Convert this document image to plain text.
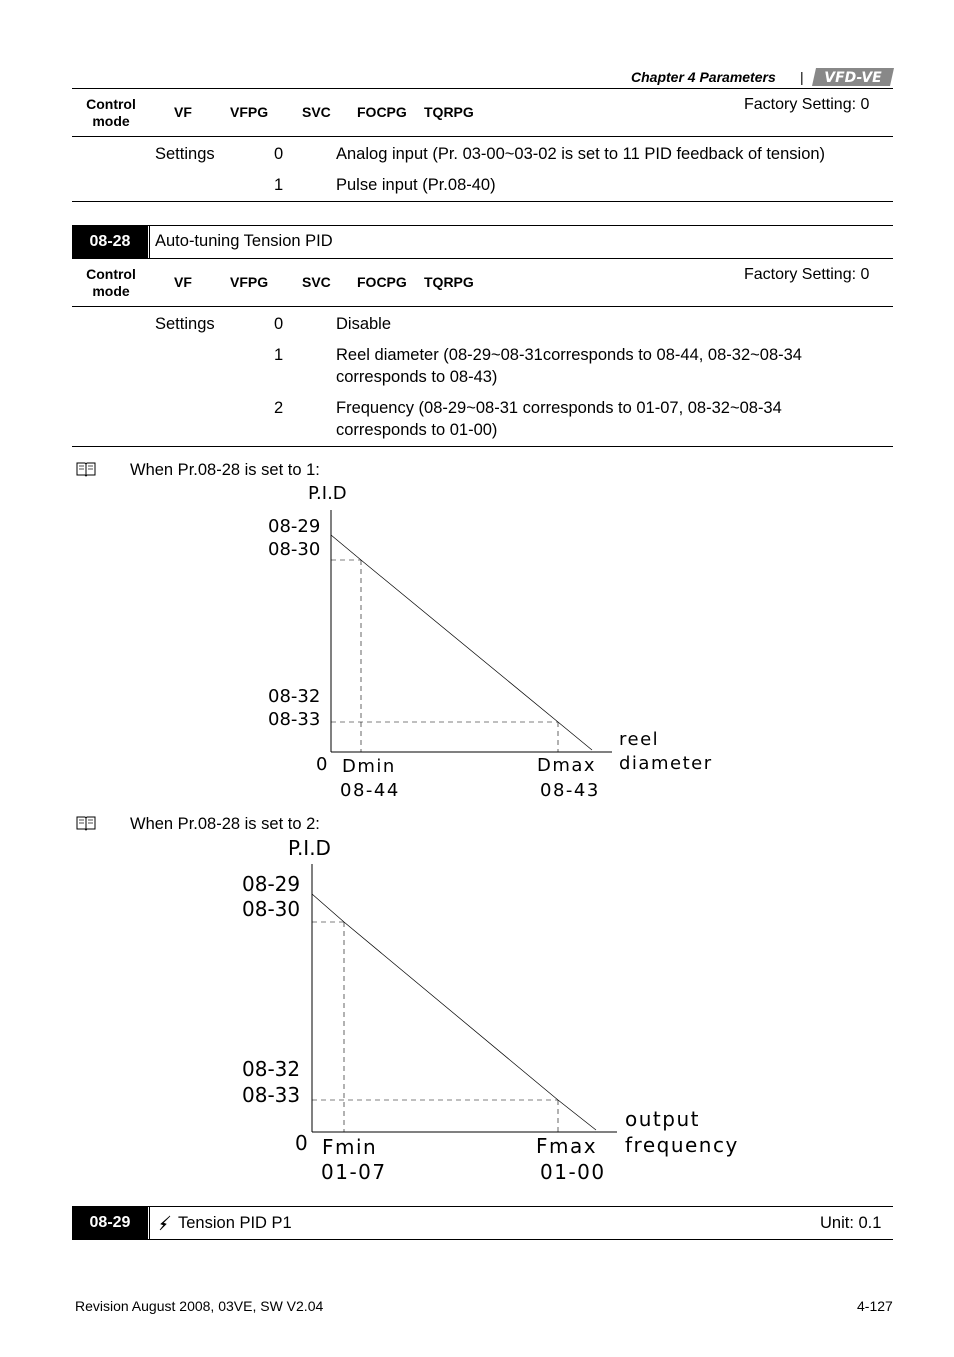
Chapter 4 Parameters | VFD-VE
Control
mode
VF	VFPG SVC FOCPG TQRPG	Factory Setting: 0
Settings	0	Analog input (Pr. 03-00~03-02 is set to 11 PID feedback of tension)
1	Pulse input (Pr.08-40)
08-28	Auto-tuning Tension PID
Control
mode
VF	VFPG SVC FOCPG TQRPG	Factory Setting: 0
Settings	0	Disable
1	Reel diameter (08-29~08-31corresponds to 08-44, 08-32~08-34
corresponds to 08-43)
2	Frequency (08-29~08-31 corresponds to 01-07, 08-32~08-34
corresponds to 01-00)
When Pr.08-28 is set to 1:
P.I.D
08-29
08-30
08-32
08-33
0 Dmin
08-44
Dmax
08-43
reel
diameter
When Pr.08-28 is set to 2:
P.I.D
08-29
08-30
08-32
08-33
0 Fmin
01-07
Fmax
01-00
output
frequency
08-29	Tension PID P1	Unit: 0.1
Revision August 2008, 03VE, SW V2.04	4-127
